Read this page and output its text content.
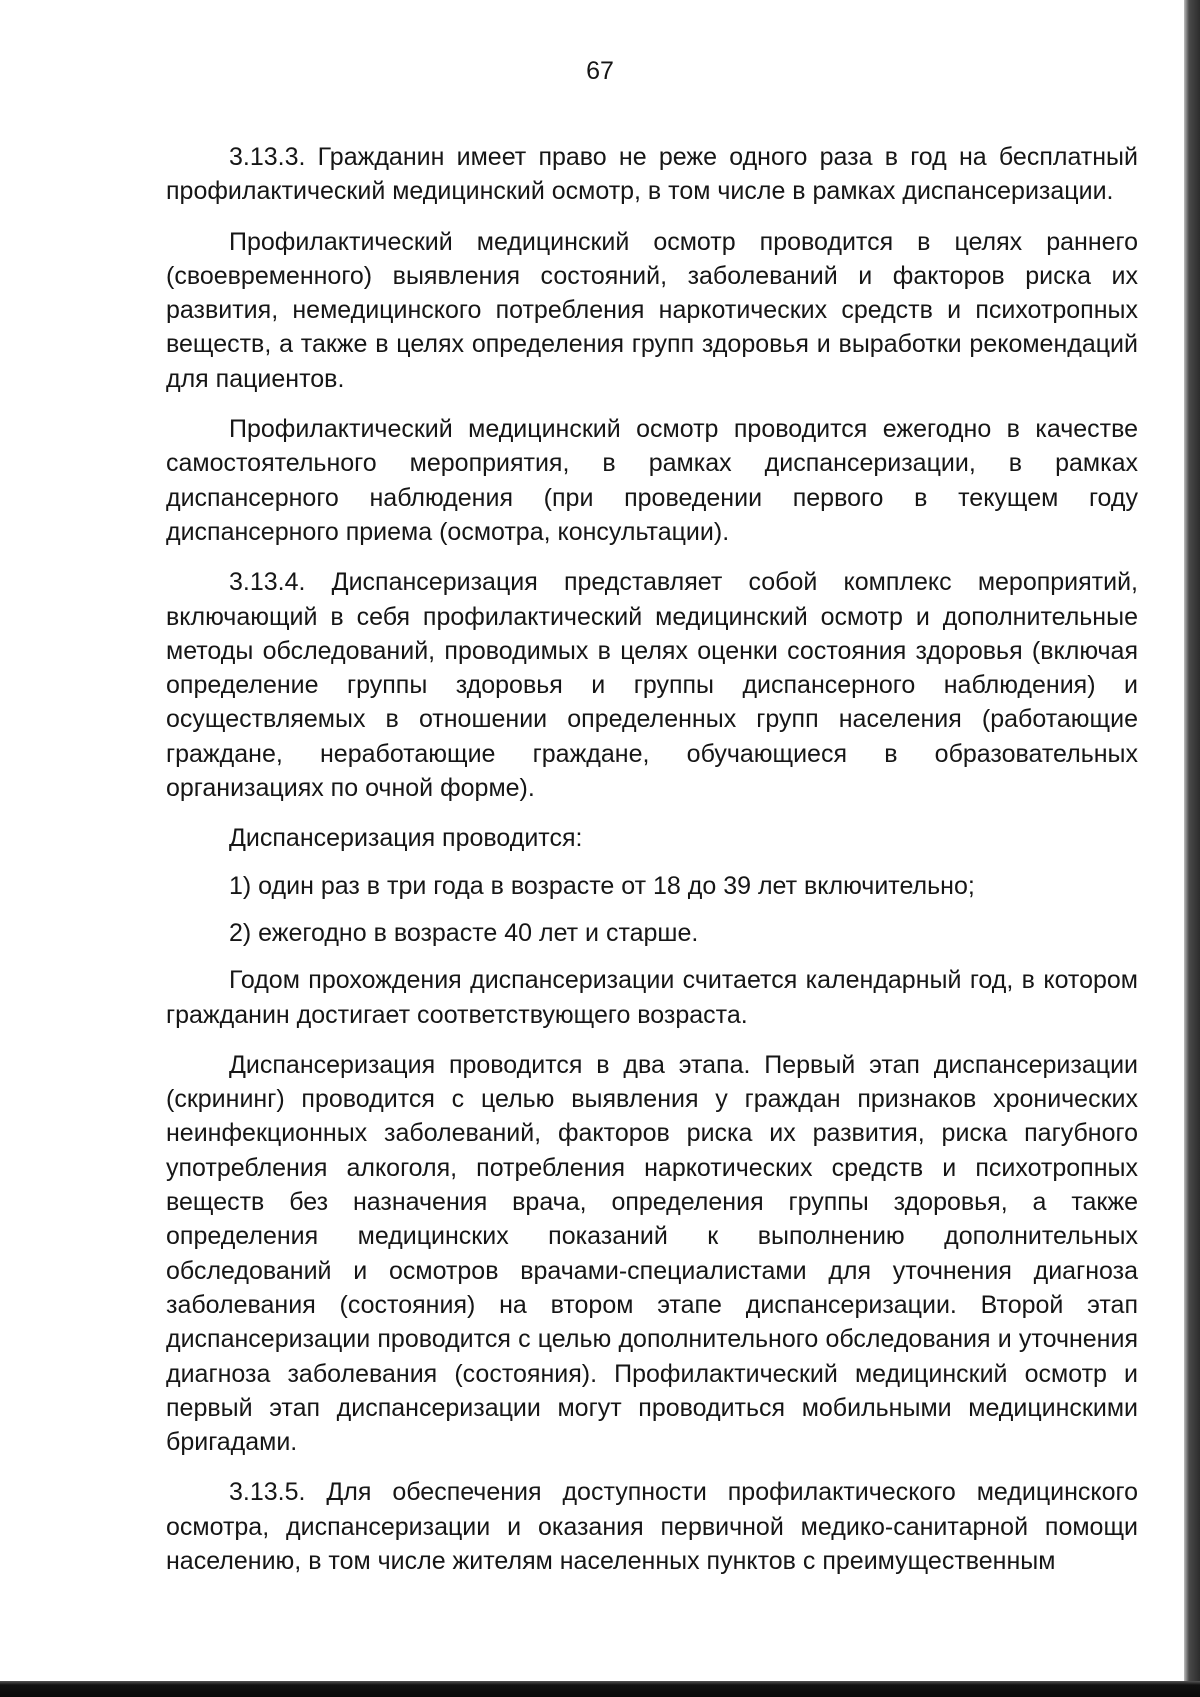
67

3.13.3. Гражданин имеет право не реже одного раза в год на бесплатный профилактический медицинский осмотр, в том числе в рамках диспансеризации.

Профилактический медицинский осмотр проводится в целях раннего (своевременного) выявления состояний, заболеваний и факторов риска их развития, немедицинского потребления наркотических средств и психотропных веществ, а также в целях определения групп здоровья и выработки рекомендаций для пациентов.

Профилактический медицинский осмотр проводится ежегодно в качестве самостоятельного мероприятия, в рамках диспансеризации, в рамках диспансерного наблюдения (при проведении первого в текущем году диспансерного приема (осмотра, консультации).

3.13.4. Диспансеризация представляет собой комплекс мероприятий, включающий в себя профилактический медицинский осмотр и дополнительные методы обследований, проводимых в целях оценки состояния здоровья (включая определение группы здоровья и группы диспансерного наблюдения) и осуществляемых в отношении определенных групп населения (работающие граждане, неработающие граждане, обучающиеся в образовательных организациях по очной форме).

Диспансеризация проводится:

1) один раз в три года в возрасте от 18 до 39 лет включительно;

2) ежегодно в возрасте 40 лет и старше.

Годом прохождения диспансеризации считается календарный год, в котором гражданин достигает соответствующего возраста.

Диспансеризация проводится в два этапа. Первый этап диспансеризации (скрининг) проводится с целью выявления у граждан признаков хронических неинфекционных заболеваний, факторов риска их развития, риска пагубного употребления алкоголя, потребления наркотических средств и психотропных веществ без назначения врача, определения группы здоровья, а также определения медицинских показаний к выполнению дополнительных обследований и осмотров врачами-специалистами для уточнения диагноза заболевания (состояния) на втором этапе диспансеризации. Второй этап диспансеризации проводится с целью дополнительного обследования и уточнения диагноза заболевания (состояния). Профилактический медицинский осмотр и первый этап диспансеризации могут проводиться мобильными медицинскими бригадами.

3.13.5. Для обеспечения доступности профилактического медицинского осмотра, диспансеризации и оказания первичной медико-санитарной помощи населению, в том числе жителям населенных пунктов с преимущественным
